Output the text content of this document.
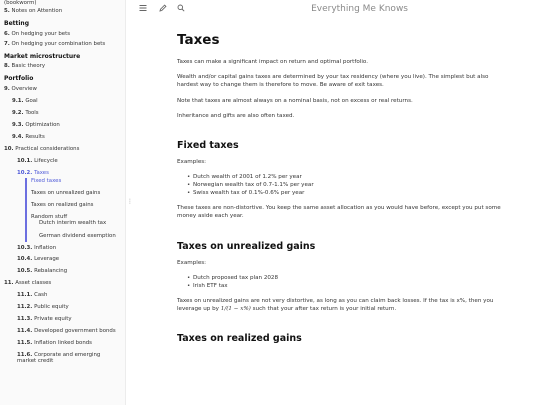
(bookworm)
5. Notes on Attention
Betting
6. On hedging your bets
7. On hedging your combination bets
Market microstructure
8. Basic theory
Portfolio
9. Overview
9.1. Goal
9.2. Tools
9.3. Optimization
9.4. Results
10. Practical considerations
10.1. Lifecycle
10.2. Taxes
Fixed taxes
Taxes on unrealized gains
Taxes on realized gains
Random stuff
Dutch interim wealth tax
German dividend exemption
10.3. Inflation
10.4. Leverage
10.5. Rebalancing
11. Asset classes
11.1. Cash
11.2. Public equity
11.3. Private equity
11.4. Developed government bonds
11.5. Inflation linked bonds
11.6. Corporate and emerging market credit
⋮
Everything Me Knows
Taxes

Taxes can make a significant impact on return and optimal portfolio.

Wealth and/or capital gains taxes are determined by your tax residency (where you live). The simplest but also hardest way to change them is therefore to move. Be aware of exit taxes.

Note that taxes are almost always on a nominal basis, not on excess or real returns.

Inheritance and gifts are also often taxed.

Fixed taxes

Examples:

• Dutch wealth of 2001 of 1.2% per year
• Norwegian wealth tax of 0.7-1.1% per year
• Swiss wealth tax of 0.1%-0.6% per year

These taxes are non-distortive. You keep the same asset allocation as you would have before, except you put some money aside each year.

Taxes on unrealized gains

Examples:

• Dutch proposed tax plan 2028
• Irish ETF tax

Taxes on unrealized gains are not very distortive, as long as you can claim back losses. If the tax is x%, then you leverage up by 1/(1 − x%) such that your after tax return is your initial return.

Taxes on realized gains
